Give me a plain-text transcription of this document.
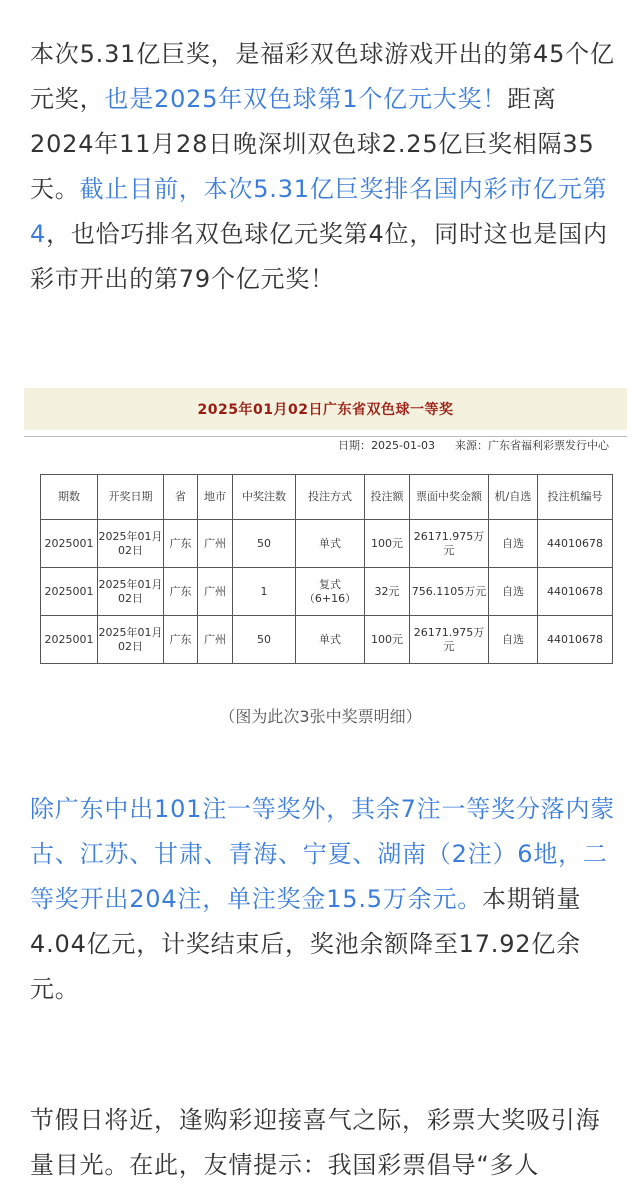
本次5.31亿巨奖，是福彩双色球游戏开出的第45个亿元奖，也是2025年双色球第1个亿元大奖！距离2024年11月28日晚深圳双色球2.25亿巨奖相隔35天。截止目前，本次5.31亿巨奖排名国内彩市亿元第4，也恰巧排名双色球亿元奖第4位，同时这也是国内彩市开出的第79个亿元奖！

2025年01月02日广东省双色球一等奖
日期：2025-01-03 来源：广东省福利彩票发行中心
期数	开奖日期	省	地市	中奖注数	投注方式	投注额	票面中奖金额	机/自选	投注机编号
2025001	2025年01月02日	广东	广州	50	单式	100元	26171.975万元	自选	44010678
2025001	2025年01月02日	广东	广州	1	复式（6+16）	32元	756.1105万元	自选	44010678
2025001	2025年01月02日	广东	广州	50	单式	100元	26171.975万元	自选	44010678
（图为此次3张中奖票明细）

除广东中出101注一等奖外，其余7注一等奖分落内蒙古、江苏、甘肃、青海、宁夏、湖南（2注）6地，二等奖开出204注，单注奖金15.5万余元。本期销量4.04亿元，计奖结束后，奖池余额降至17.92亿余元。

节假日将近，逢购彩迎接喜气之际，彩票大奖吸引海量目光。在此，友情提示：我国彩票倡导“多人
